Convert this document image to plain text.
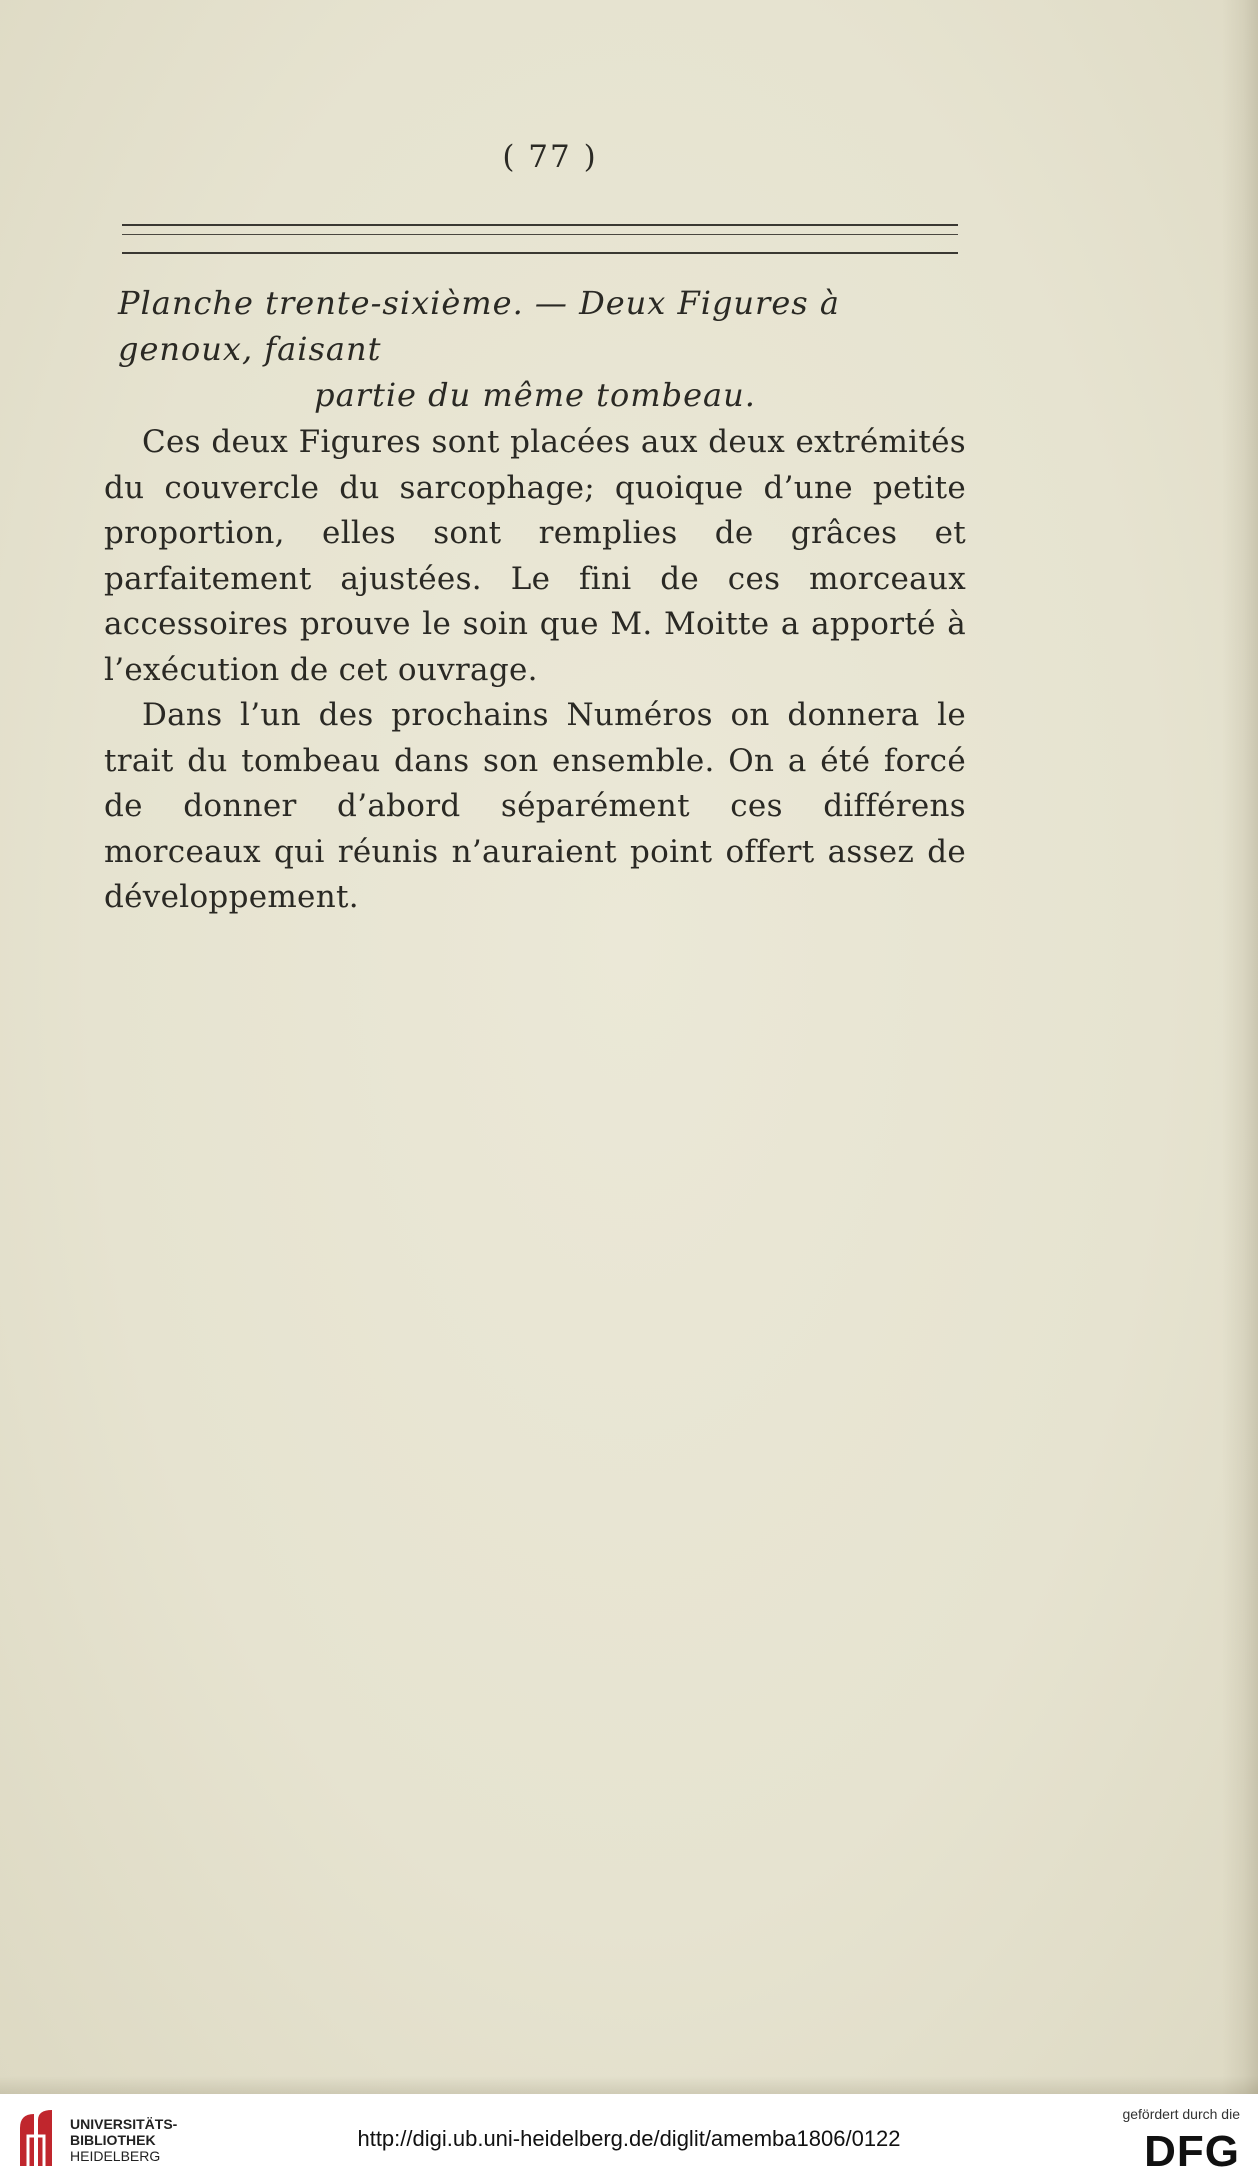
( 77 )
Planche trente-sixième. — Deux Figures à genoux, faisant
partie du même tombeau.

Ces deux Figures sont placées aux deux extrémités du couvercle du sarcophage; quoique d’une petite proportion, elles sont remplies de grâces et parfaitement ajustées. Le fini de ces morceaux accessoires prouve le soin que M. Moitte a apporté à l’exécution de cet ouvrage.

Dans l’un des prochains Numéros on donnera le trait du tombeau dans son ensemble. On a été forcé de donner d’abord séparément ces différens morceaux qui réunis n’auraient point offert assez de développement.

UNIVERSITÄTS-
BIBLIOTHEK
HEIDELBERG
http://digi.ub.uni-heidelberg.de/diglit/amemba1806/0122
gefördert durch die
DFG
